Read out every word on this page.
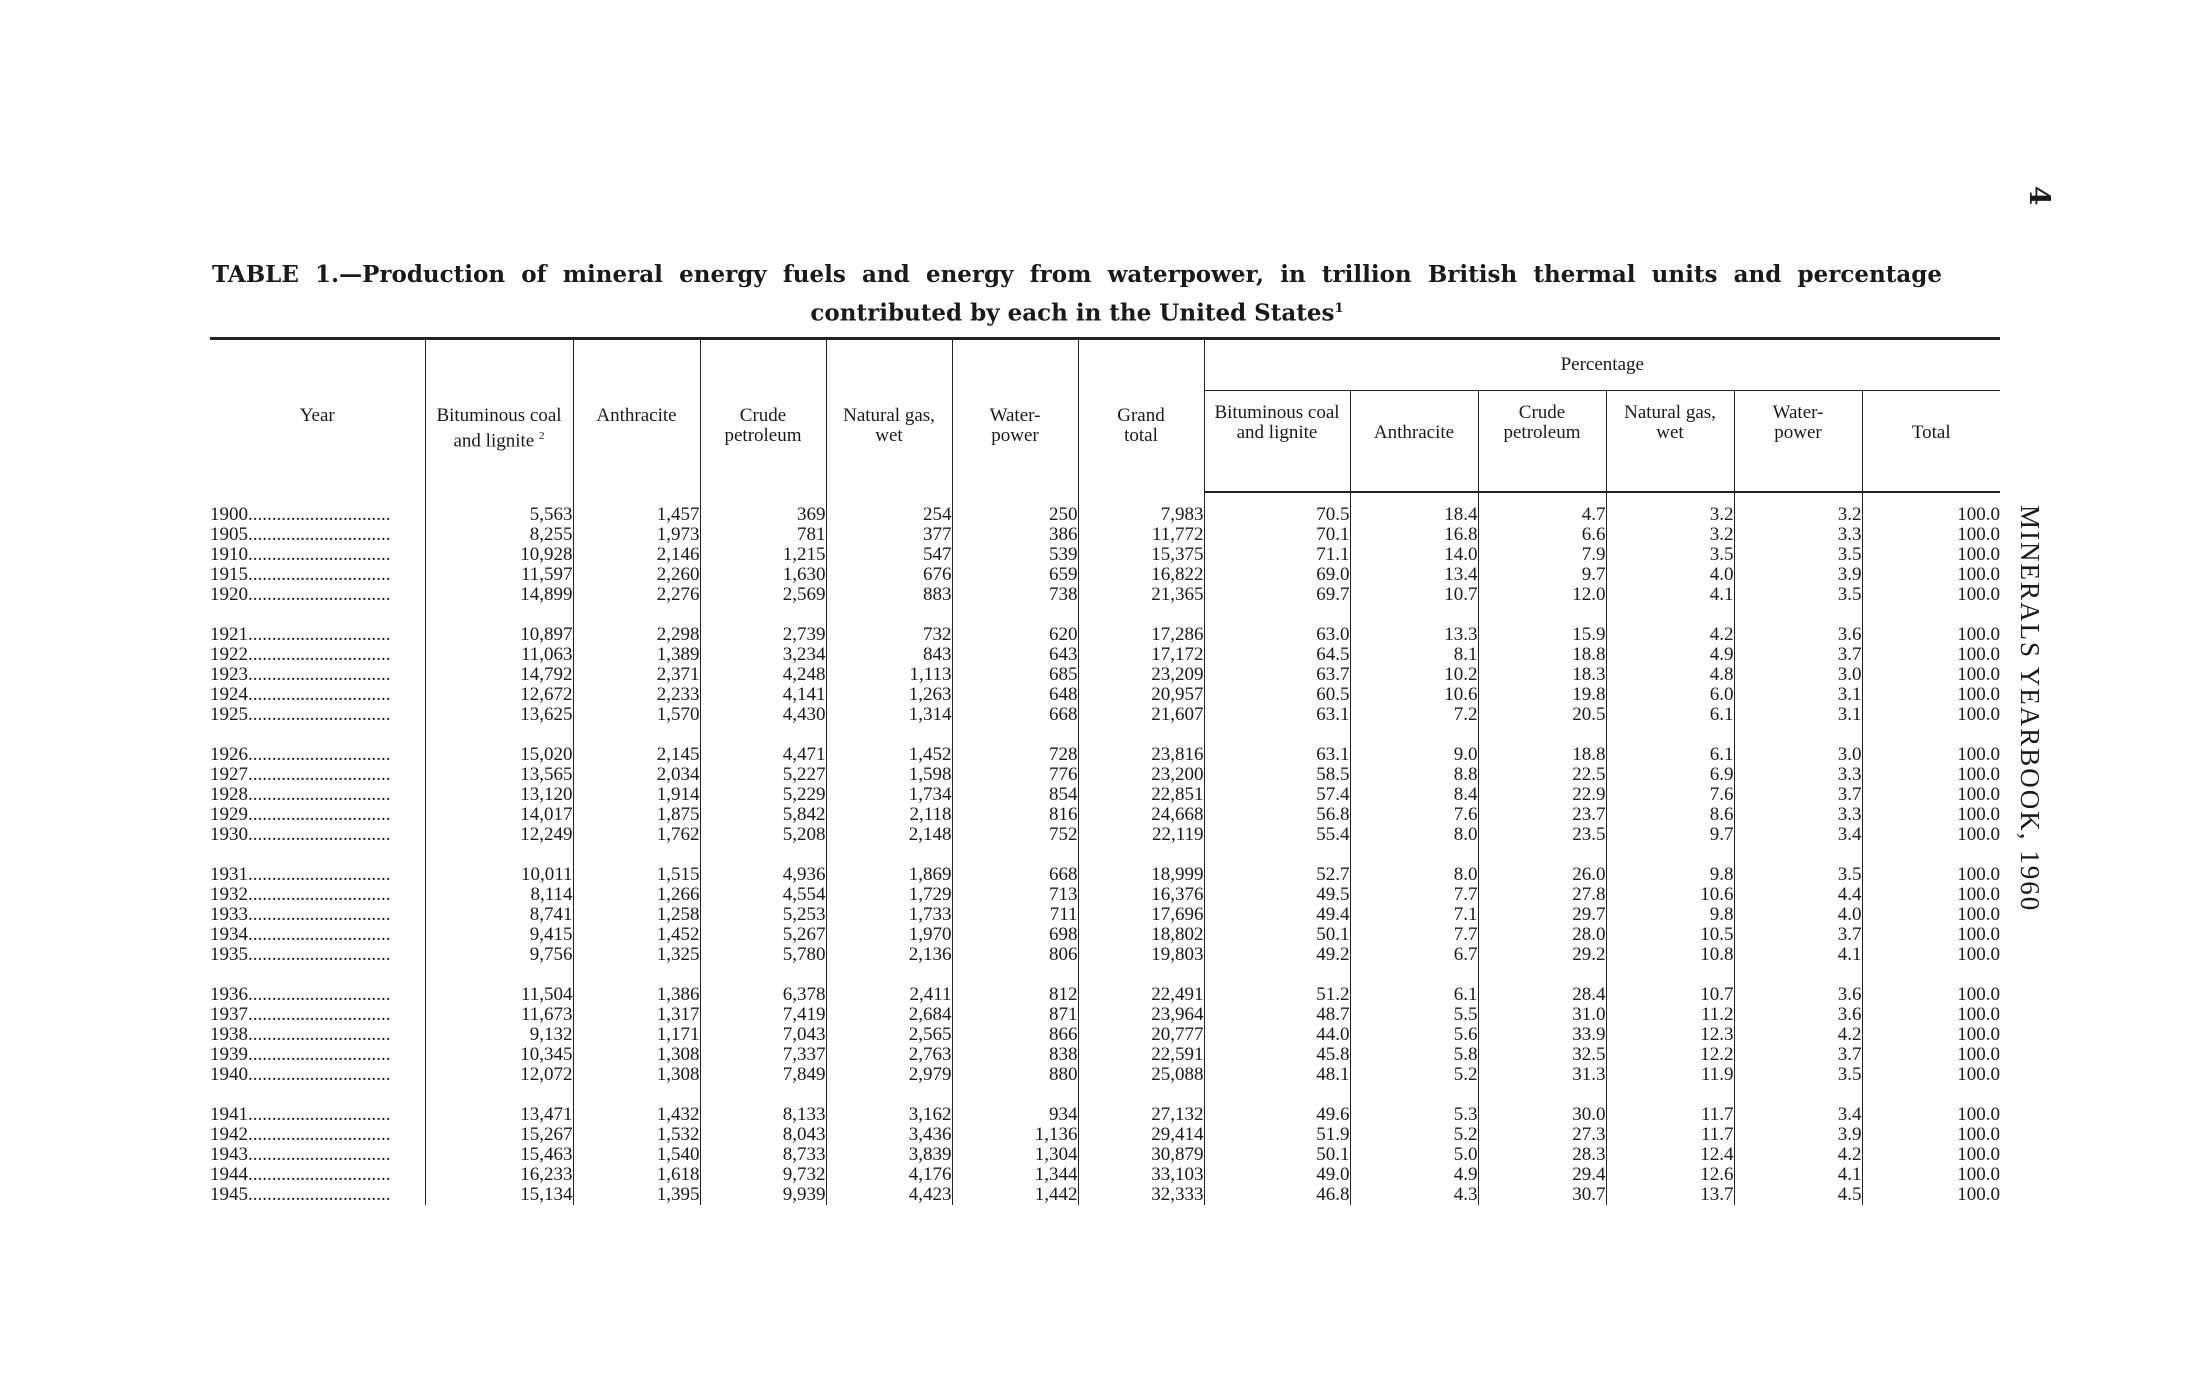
4
MINERALS YEARBOOK, 1960
TABLE 1.—Production of mineral energy fuels and energy from waterpower, in trillion British thermal units and percentage contributed by each in the United States$^1$
Year	Bituminous coal and lignite $^2$	Anthracite	Crude petroleum	Natural gas, wet	Water-power	Grand total	Percentage					
							Bituminous coal and lignite	Anthracite	Crude petroleum	Natural gas, wet	Water-power	Total
1900..............................	5,563	1,457	369	254	250	7,983	70.5	18.4	4.7	3.2	3.2	100.0
1905..............................	8,255	1,973	781	377	386	11,772	70.1	16.8	6.6	3.2	3.3	100.0
1910..............................	10,928	2,146	1,215	547	539	15,375	71.1	14.0	7.9	3.5	3.5	100.0
1915..............................	11,597	2,260	1,630	676	659	16,822	69.0	13.4	9.7	4.0	3.9	100.0
1920..............................	14,899	2,276	2,569	883	738	21,365	69.7	10.7	12.0	4.1	3.5	100.0

1921..............................	10,897	2,298	2,739	732	620	17,286	63.0	13.3	15.9	4.2	3.6	100.0
1922..............................	11,063	1,389	3,234	843	643	17,172	64.5	8.1	18.8	4.9	3.7	100.0
1923..............................	14,792	2,371	4,248	1,113	685	23,209	63.7	10.2	18.3	4.8	3.0	100.0
1924..............................	12,672	2,233	4,141	1,263	648	20,957	60.5	10.6	19.8	6.0	3.1	100.0
1925..............................	13,625	1,570	4,430	1,314	668	21,607	63.1	7.2	20.5	6.1	3.1	100.0

1926..............................	15,020	2,145	4,471	1,452	728	23,816	63.1	9.0	18.8	6.1	3.0	100.0
1927..............................	13,565	2,034	5,227	1,598	776	23,200	58.5	8.8	22.5	6.9	3.3	100.0
1928..............................	13,120	1,914	5,229	1,734	854	22,851	57.4	8.4	22.9	7.6	3.7	100.0
1929..............................	14,017	1,875	5,842	2,118	816	24,668	56.8	7.6	23.7	8.6	3.3	100.0
1930..............................	12,249	1,762	5,208	2,148	752	22,119	55.4	8.0	23.5	9.7	3.4	100.0

1931..............................	10,011	1,515	4,936	1,869	668	18,999	52.7	8.0	26.0	9.8	3.5	100.0
1932..............................	8,114	1,266	4,554	1,729	713	16,376	49.5	7.7	27.8	10.6	4.4	100.0
1933..............................	8,741	1,258	5,253	1,733	711	17,696	49.4	7.1	29.7	9.8	4.0	100.0
1934..............................	9,415	1,452	5,267	1,970	698	18,802	50.1	7.7	28.0	10.5	3.7	100.0
1935..............................	9,756	1,325	5,780	2,136	806	19,803	49.2	6.7	29.2	10.8	4.1	100.0

1936..............................	11,504	1,386	6,378	2,411	812	22,491	51.2	6.1	28.4	10.7	3.6	100.0
1937..............................	11,673	1,317	7,419	2,684	871	23,964	48.7	5.5	31.0	11.2	3.6	100.0
1938..............................	9,132	1,171	7,043	2,565	866	20,777	44.0	5.6	33.9	12.3	4.2	100.0
1939..............................	10,345	1,308	7,337	2,763	838	22,591	45.8	5.8	32.5	12.2	3.7	100.0
1940..............................	12,072	1,308	7,849	2,979	880	25,088	48.1	5.2	31.3	11.9	3.5	100.0

1941..............................	13,471	1,432	8,133	3,162	934	27,132	49.6	5.3	30.0	11.7	3.4	100.0
1942..............................	15,267	1,532	8,043	3,436	1,136	29,414	51.9	5.2	27.3	11.7	3.9	100.0
1943..............................	15,463	1,540	8,733	3,839	1,304	30,879	50.1	5.0	28.3	12.4	4.2	100.0
1944..............................	16,233	1,618	9,732	4,176	1,344	33,103	49.0	4.9	29.4	12.6	4.1	100.0
1945..............................	15,134	1,395	9,939	4,423	1,442	32,333	46.8	4.3	30.7	13.7	4.5	100.0
